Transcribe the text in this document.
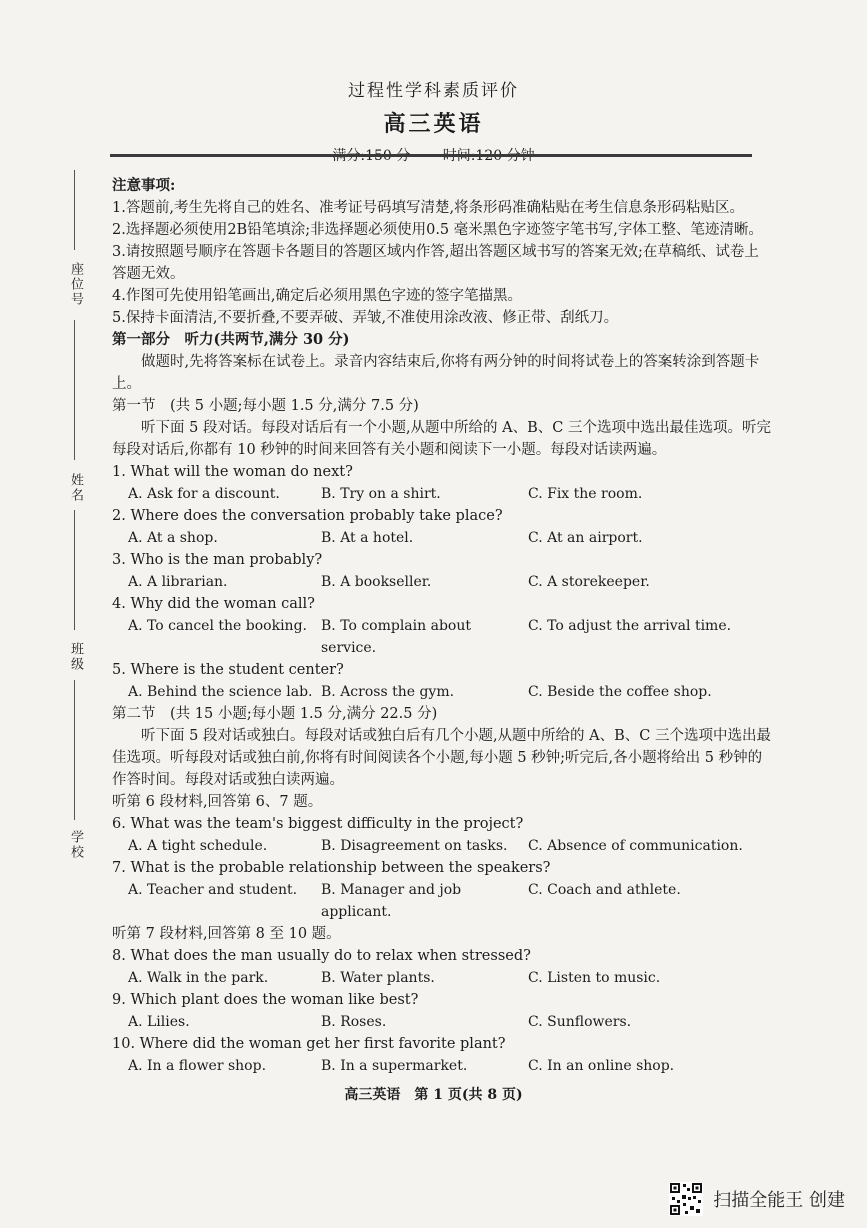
过程性学科素质评价
高三英语
座位号
姓名
班级
学校

注意事项:

1.答题前,考生先将自己的姓名、准考证号码填写清楚,将条形码准确粘贴在考生信息条形码粘贴区。

2.选择题必须使用2B铅笔填涂;非选择题必须使用0.5 毫米黑色字迹签字笔书写,字体工整、笔迹清晰。

3.请按照题号顺序在答题卡各题目的答题区域内作答,超出答题区域书写的答案无效;在草稿纸、试卷上答题无效。

4.作图可先使用铅笔画出,确定后必须用黑色字迹的签字笔描黑。

5.保持卡面清洁,不要折叠,不要弄破、弄皱,不准使用涂改液、修正带、刮纸刀。

第一部分　听力(共两节,满分 30 分)

做题时,先将答案标在试卷上。录音内容结束后,你将有两分钟的时间将试卷上的答案转涂到答题卡上。

第一节　(共 5 小题;每小题 1.5 分,满分 7.5 分)

听下面 5 段对话。每段对话后有一个小题,从题中所给的 A、B、C 三个选项中选出最佳选项。听完每段对话后,你都有 10 秒钟的时间来回答有关小题和阅读下一小题。每段对话读两遍。

1. What will the woman do next?

A. Ask for a discount.	B. Try on a shirt.	C. Fix the room.

2. Where does the conversation probably take place?

A. At a shop.	B. At a hotel.	C. At an airport.

3. Who is the man probably?

A. A librarian.	B. A bookseller.	C. A storekeeper.

4. Why did the woman call?

A. To cancel the booking.	B. To complain about service.
C. To adjust the arrival time.

5. Where is the student center?

A. Behind the science lab. B. Across the gym.	C. Beside the coffee shop.

第二节　(共 15 小题;每小题 1.5 分,满分 22.5 分)

听下面 5 段对话或独白。每段对话或独白后有几个小题,从题中所给的 A、B、C 三个选项中选出最佳选项。听每段对话或独白前,你将有时间阅读各个小题,每小题 5 秒钟;听完后,各小题将给出 5 秒钟的作答时间。每段对话或独白读两遍。

听第 6 段材料,回答第 6、7 题。

6. What was the team's biggest difficulty in the project?

A. A tight schedule.	B. Disagreement on tasks.	C. Absence of communication.

7. What is the probable relationship between the speakers?

A. Teacher and student.	B. Manager and job applicant.
C. Coach and athlete.

听第 7 段材料,回答第 8 至 10 题。

8. What does the man usually do to relax when stressed?

A. Walk in the park.	B. Water plants.	C. Listen to music.

9. Which plant does the woman like best?

A. Lilies.	B. Roses.	C. Sunflowers.

10. Where did the woman get her first favorite plant?

A. In a flower shop.	B. In a supermarket.	C. In an online shop.
高三英语　第 1 页(共 8 页)
扫描全能王 创建
